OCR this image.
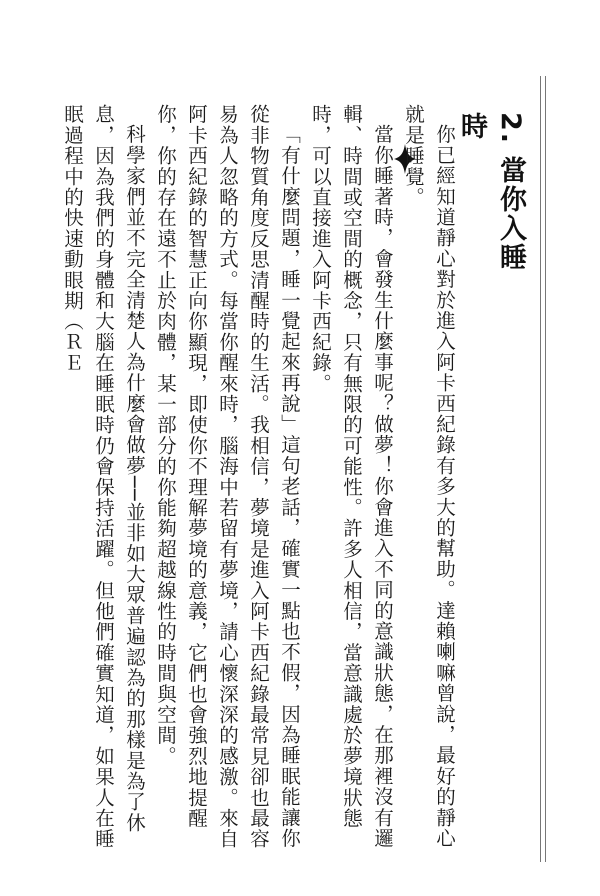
2. 當你入睡時

你已經知道靜心對於進入阿卡西紀錄有多大的幫助。達賴喇嘛曾說，最好的靜心就是睡覺。

當你睡著時，會發生什麼事呢？做夢！你會進入不同的意識狀態，在那裡沒有邏輯、時間或空間的概念，只有無限的可能性。許多人相信，當意識處於夢境狀態時，可以直接進入阿卡西紀錄。

「有什麼問題，睡一覺起來再說」這句老話，確實一點也不假，因為睡眠能讓你從非物質角度反思清醒時的生活。我相信，夢境是進入阿卡西紀錄最常見卻也最容易為人忽略的方式。每當你醒來時，腦海中若留有夢境，請心懷深深的感激。來自阿卡西紀錄的智慧正向你顯現，即使你不理解夢境的意義，它們也會強烈地提醒你，你的存在遠不止於肉體，某一部分的你能夠超越線性的時間與空間。

科學家們並不完全清楚人為什麼會做夢──並非如大眾普遍認為的那樣是為了休息，因為我們的身體和大腦在睡眠時仍會保持活躍。但他們確實知道，如果人在睡眠過程中的快速動眼期（ＲＥ
